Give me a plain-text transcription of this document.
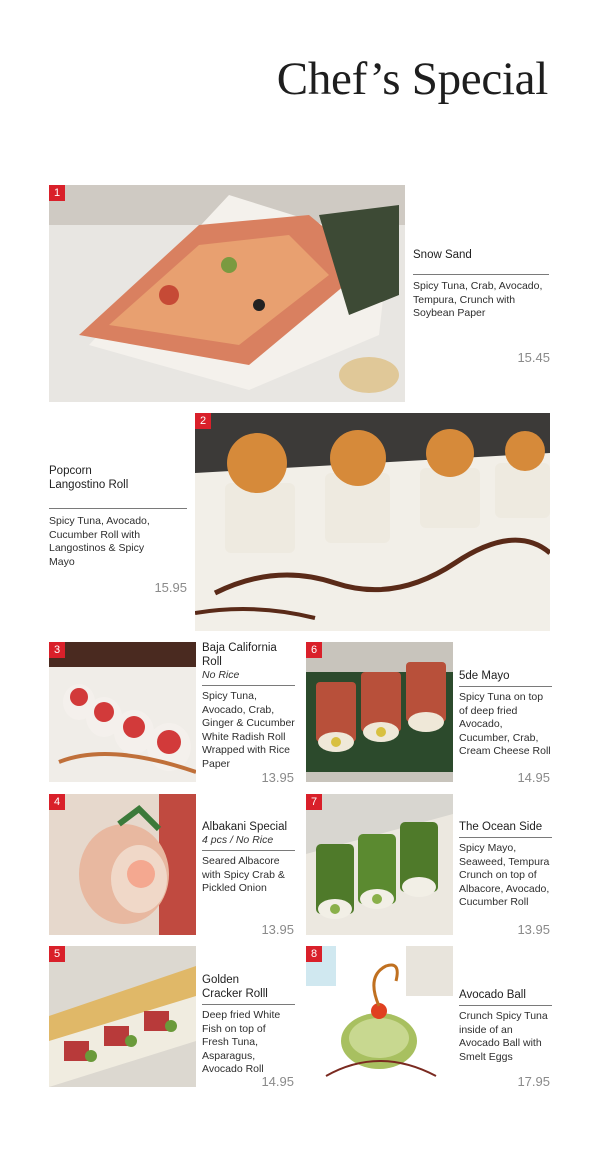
Chef’s Special
1
Snow Sand
Spicy Tuna, Crab, Avocado, Tempura, Crunch with Soybean Paper
15.45
2
Popcorn Langostino Roll
Spicy Tuna, Avocado, Cucumber Roll with Langostinos & Spicy Mayo
15.95
3	Baja California Roll
No Rice
Spicy Tuna, Avocado, Crab, Ginger & Cucumber White Radish Roll Wrapped with Rice Paper
13.95
6
5de Mayo
Spicy Tuna on top of deep fried Avocado, Cucumber, Crab, Cream Cheese Roll
14.95
4
Albakani Special
4 pcs / No Rice
Seared Albacore with Spicy Crab & Pickled Onion
13.95
7
The Ocean Side
Spicy Mayo, Seaweed, Tempura Crunch on top of Albacore, Avocado, Cucumber Roll
13.95
5
Golden Cracker Rolll
Deep fried White Fish on top of Fresh Tuna, Asparagus, Avocado Roll
14.95
8
Avocado Ball
Crunch Spicy Tuna inside of an Avocado Ball with Smelt Eggs
17.95
